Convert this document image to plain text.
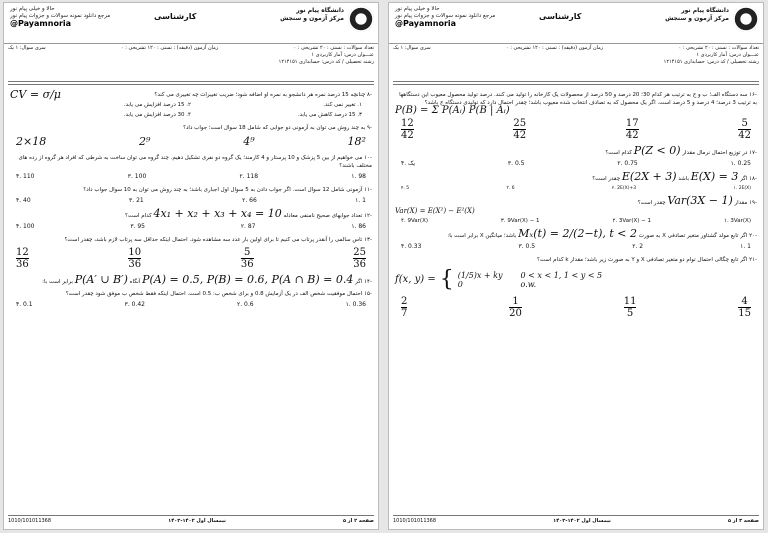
دانشگاه پیام نور
مرکز آزمون و سنجش
کارشناسی
حالا و خیلی پیام نور
مرجع دانلود نمونه سوالات و جزوات پیام نور
@Payamnoria
تعداد سوالات : تستی : ۲۰ تشریحی : ۰
زمان آزمون (دقیقه) : تستی : ۱۲۰ تشریحی : ۰
سری سوال: ۱ یک
عنـــوان درس: آمار کاربردی ۱
رشته تحصیلی / کد درس: حسابداری ۱۲۱۴۱۵۱
-۸ چنانچه 15 درصد نمره هر دانشجو به نمره او اضافه شود؛ ضریب تغییرات چه تغییری می کند؟
CV = σ/μ
۱. تغییر نمی کند.
۲. 15 درصد افزایش می یابد.
۳. 15 درصد کاهش می یابد.
۴. 30 درصد افزایش می یابد.
-۹ به چند روش می توان به آزمونی دو جوابی که شامل 18 سوال است؛ جواب داد؟
18²
4⁹
2⁹
2×18
-۱۰ می خواهیم از بین 5 پزشک و 10 پرستار و 4 کارمند؛ یک گروه دو نفری تشکیل دهیم. چند گروه می توان ساخت به شرطی که افراد هر گروه از رده های مختلف باشند؟
۱. 98
۲. 118
۳. 100
۴. 110
-۱۱ آزمونی شامل 12 سوال است. اگر جواب دادن به 5 سوال اول اجباری باشد؛ به چند روش می توان به 10 سوال جواب داد؟
۱. 1
۲. 66
۳. 21
۴. 40
-۱۲ تعداد جوابهای صحیح نامنفی معادله 4x₁ + x₂ + x₃ + x₄ = 10 کدام است؟
۱. 86
۲. 87
۳. 95
۴. 100
-۱۳ تاس سالمی را آنقدر پرتاب می کنیم تا برای اولین بار عدد سه مشاهده شود. احتمال اینکه حداقل سه پرتاب لازم باشد، چقدر است؟
$\frac{25}{36}$
$\frac{5}{36}$
$\frac{10}{36}$
$\frac{12}{36}$
-۱۴ اگر P(A) = 0.5, P(B) = 0.6, P(A ∩ B) = 0.4 آنگاه P(A′ ∪ B′) برابر است با:
-۱۵ احتمال موفقیت شخص الف در یک آزمایش 0.8 و برای شخص ب: 0.5 است. احتمال اینکه فقط شخص ب موفق شود چقدر است؟
۱. 0.36
۲. 0.6
۳. 0.42
۴. 0.1
1010/101011368	نیمسال اول ۱۴۰۲-۱۴۰۳	صفحه ۲ از ۵
دانشگاه پیام نور
مرکز آزمون و سنجش
کارشناسی
حالا و خیلی پیام نور
مرجع دانلود نمونه سوالات و جزوات پیام نور
@Payamnoria
تعداد سوالات : تستی : ۲۰ تشریحی : ۰
زمان آزمون (دقیقه) : تستی : ۱۲۰ تشریحی : ۰
سری سوال: ۱ یک
عنـــوان درس: آمار کاربردی ۱
رشته تحصیلی / کد درس: حسابداری ۱۲۱۴۱۵۱
-۱۶ سه دستگاه الف؛ ب و ج به ترتیب هر کدام 30؛ 20 درصد و 50 درصد از محصولات یک کارخانه را تولید می کنند. درصد تولید محصول معیوب این دستگاهها به ترتیب 3 درصد؛ 4 درصد و 5 درصد است. اگر یک محصول که به تصادف انتخاب شده معیوب باشد؛ چقدر احتمال دارد که تولیدی دستگاه ج باشد؟
P(B) = Σ P(Aᵢ) P(B | Aᵢ)
$\frac{5}{42}$
$\frac{17}{42}$
$\frac{25}{42}$
$\frac{12}{42}$
-۱۷ در توزیع احتمال نرمال مقدار P(Z < 0) کدام است؟
۱. 0.25
۲. 0.75
۳. 0.5
۴. یک
-۱۸ اگر E(X) = 3 باشد E(2X + 3) چقدر است؟
۱. 2E(X)
۲. 2E(X)+3
۳. 6
۴. 5
-۱۹ مقدار Var(3X − 1) چقدر است؟
Var(X) = E(X²) − E²(X)
۱. 3Var(X)
۲. 3Var(X) − 1
۳. 9Var(X) − 1
۴. 9Var(X)
-۲۰ اگر تابع مولد گشتاور متغیر تصادفی X به صورت Mₓ(t) = 2/(2−t), t < 2 باشد؛ میانگین X برابر است با:
۱. 1
۲. 2
۳. 0.5
۴. 0.33
-۲۱ اگر تابع چگالی احتمال توام دو متغیر تصادفی X و Y به صورت زیر باشد؛ مقدار k کدام است؟
f(x, y) = { (1/5)x + ky 0 < x < 1, 1 < y < 5
0	o.w.
$\frac{4}{15}$
$\frac{11}{5}$
$\frac{1}{20}$
$\frac{2}{7}$
1010/101011368	نیمسال اول ۱۴۰۲-۱۴۰۳	صفحه ۳ از ۵
